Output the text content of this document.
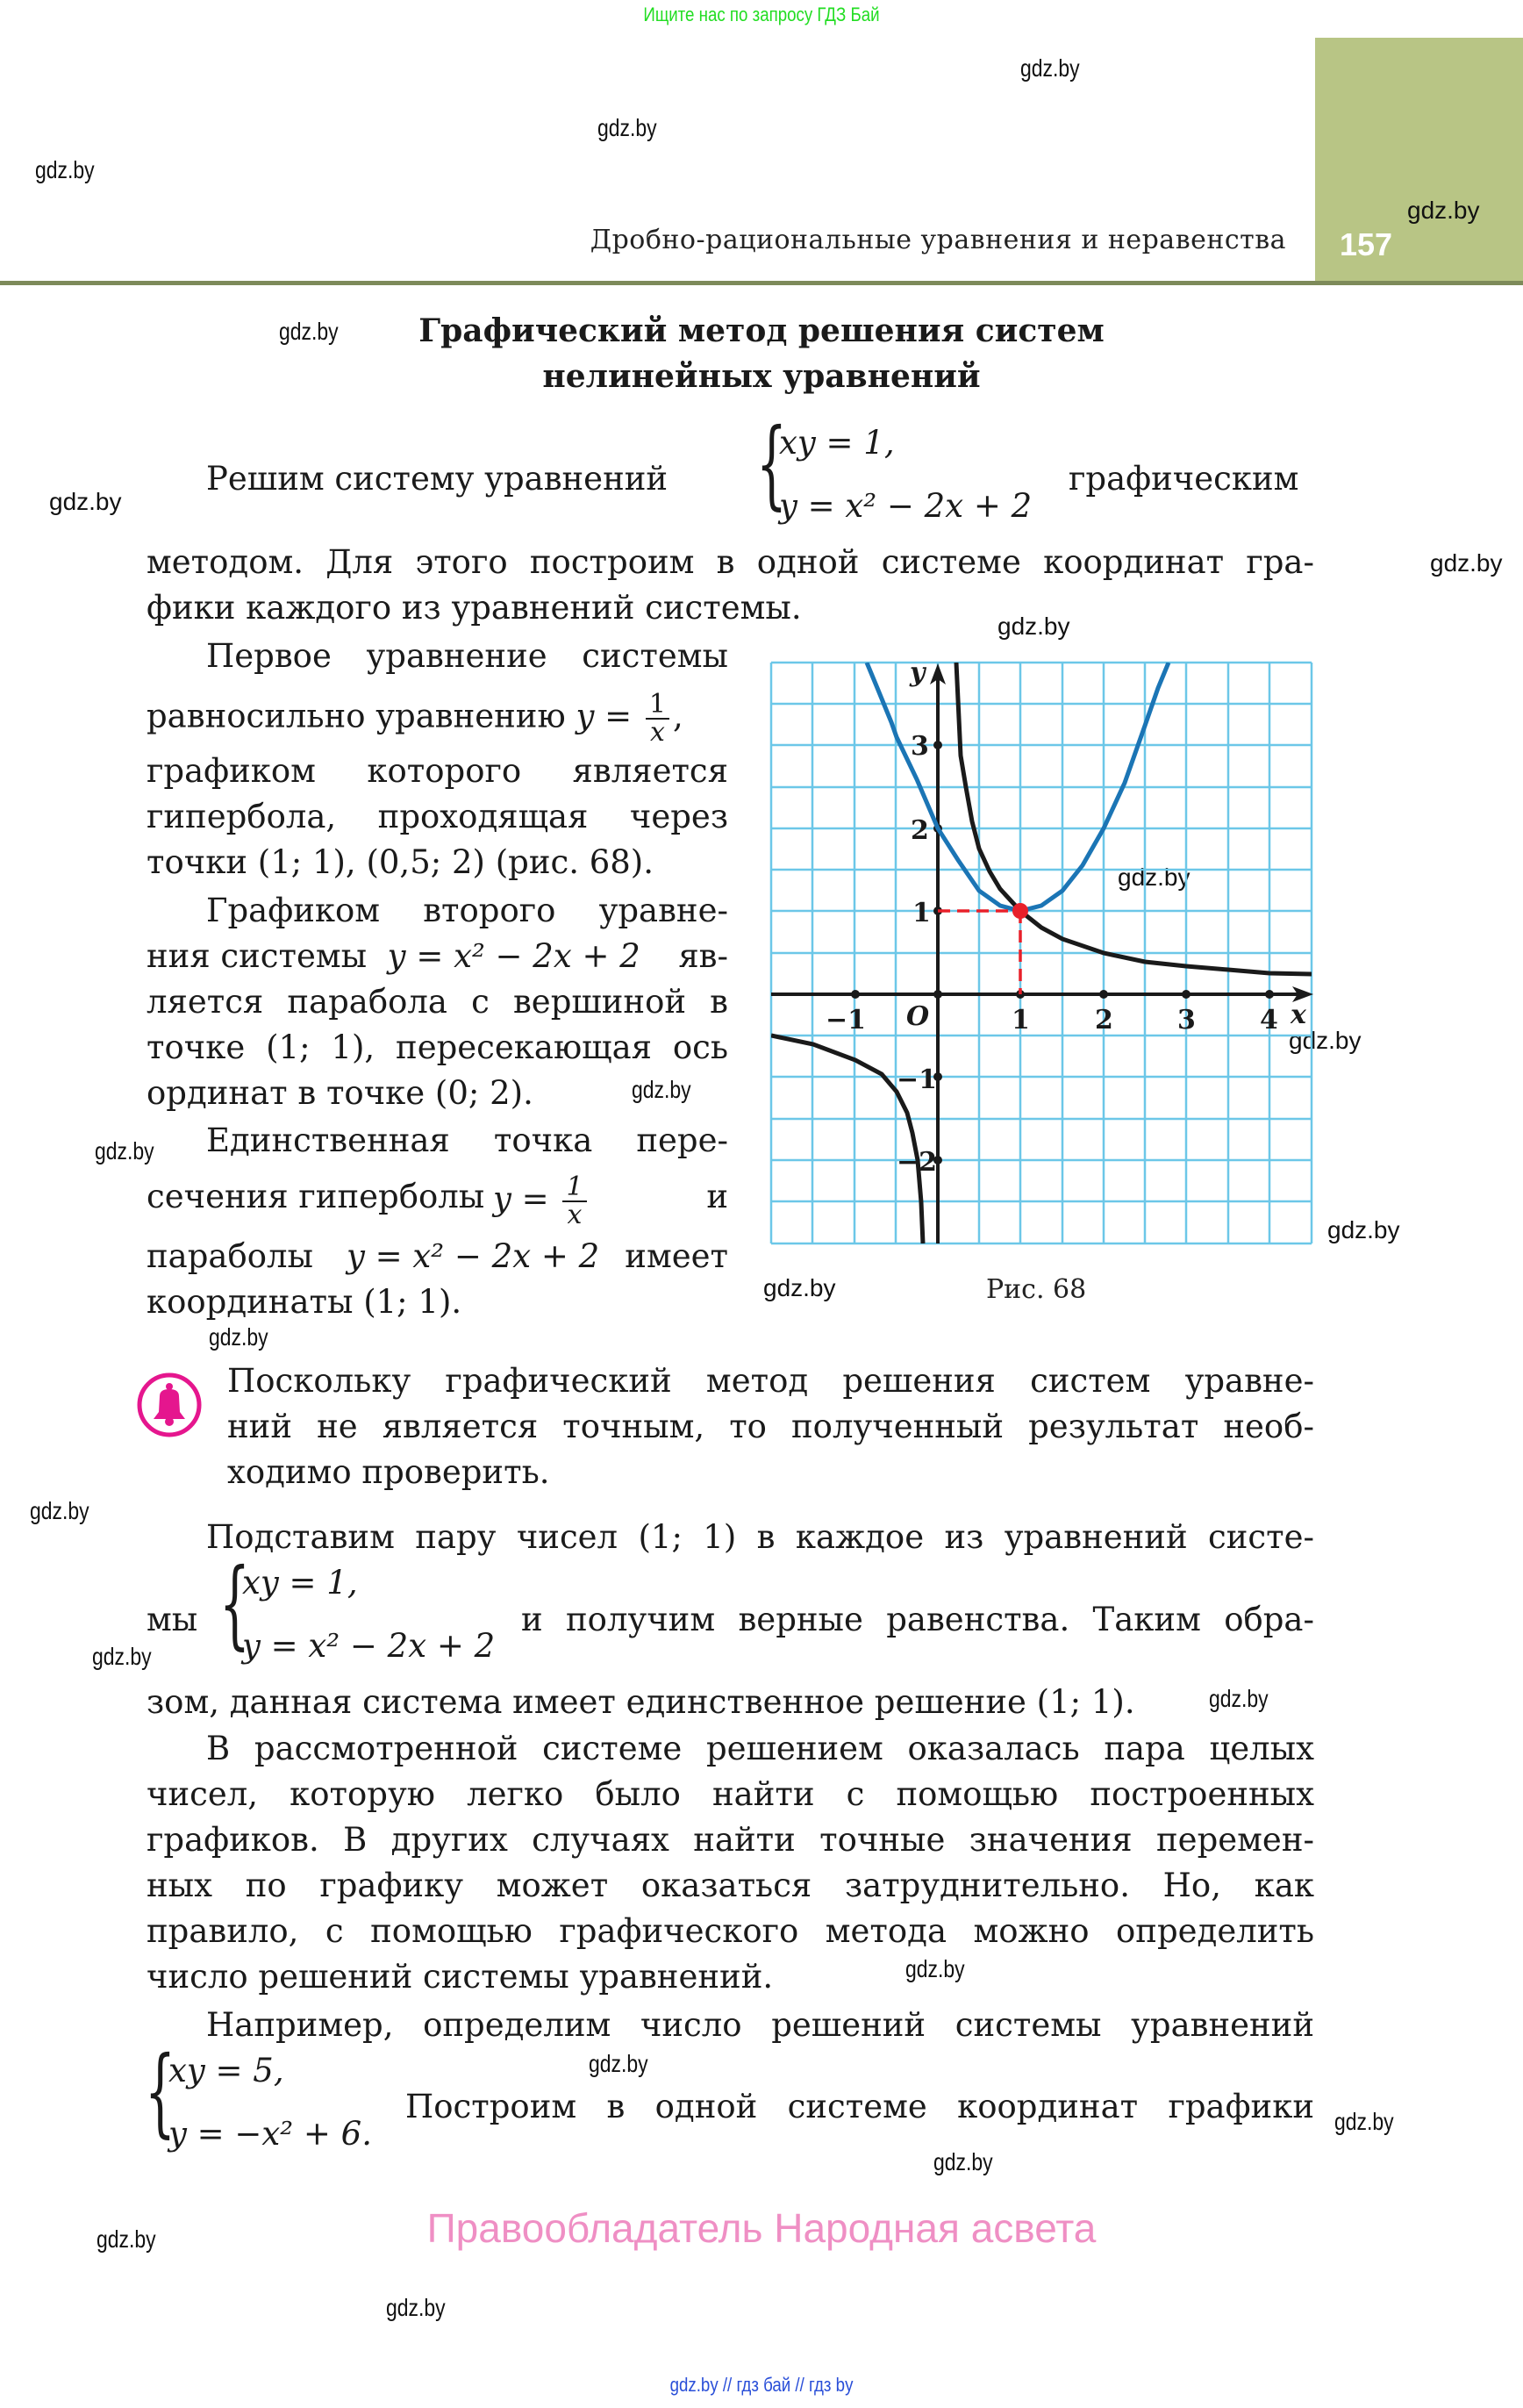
Ищите нас по запросу ГДЗ Бай
157
Дробно-рациональные уравнения и неравенства
gdz.by
gdz.by
gdz.by
gdz.by
gdz.by
gdz.by
gdz.by
gdz.by
gdz.by
gdz.by
gdz.by
gdz.by
gdz.by
gdz.by
gdz.by
gdz.by
gdz.by
gdz.by
gdz.by
gdz.by
gdz.by
gdz.by
gdz.by
gdz.by
Графический метод решения систем
нелинейных уравнений
Решим систему уравнений {
xy = 1,
y = x² − 2x + 2
графическим
методом. Для этого построим в одной системе координат гра-
фики каждого из уравнений системы.
Первое уравнение системы
равносильно уравнению $y = \frac{1}{x}$ ,
графиком которого является
гипербола, проходящая через
точки (1; 1), (0,5; 2) (рис. 68).
Графиком второго уравне-
ния системы y = x² − 2x + 2 яв-
ляется парабола с вершиной в
точке (1; 1), пересекающая ось
ординат в точке (0; 2).
Единственная точка пере-
сечения гиперболы $y = \frac{1}{x}$	и
параболы y = x² − 2x + 2 имеет
координаты (1; 1).
y
x
O
−1	1 2 3 4
3
2
1
−1
−2
Рис. 68
Поскольку графический метод решения систем уравне-
ний не является точным, то полученный результат необ-
ходимо проверить.
Подставим пару чисел (1; 1) в каждое из уравнений систе-
мы {
xy = 1,
y = x² − 2x + 2
и получим верные равенства. Таким обра-
зом, данная система имеет единственное решение (1; 1).
В рассмотренной системе решением оказалась пара целых
чисел, которую легко было найти с помощью построенных
графиков. В других случаях найти точные значения перемен-
ных по графику может оказаться затруднительно. Но, как
правило, с помощью графического метода можно определить
число решений системы уравнений.
Например, определим число решений системы уравнений
{
xy = 5,
y = −x² + 6.
Построим в одной системе координат графики
Правообладатель Народная асвета
gdz.by // гдз бай // гдз by
